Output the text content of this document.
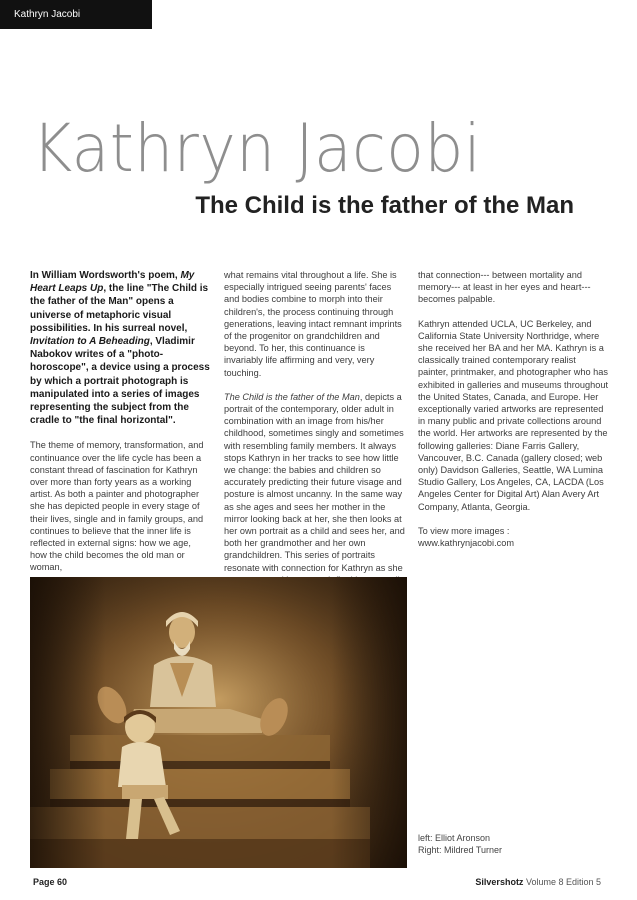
Kathryn Jacobi
Kathryn Jacobi
The Child is the father of the Man

In William Wordsworth's poem, My Heart Leaps Up, the line "The Child is the father of the Man" opens a universe of metaphoric visual possibilities. In his surreal novel, Invitation to A Beheading, Vladimir Nabokov writes of a "photo-horoscope", a device using a process by which a portrait photograph is manipulated into a series of images representing the subject from the cradle to "the final horizontal".

The theme of memory, transformation, and continuance over the life cycle has been a constant thread of fascination for Kathryn over more than forty years as a working artist. As both a painter and photographer she has depicted people in every stage of their lives, single and in family groups, and continues to believe that the inner life is reflected in external signs: how we age, how the child becomes the old man or woman,

what remains vital throughout a life. She is especially intrigued seeing parents' faces and bodies combine to morph into their children's, the process continuing through generations, leaving intact remnant imprints of the progenitor on grandchildren and beyond. To her, this continuance is invariably life affirming and very, very touching.

The Child is the father of the Man, depicts a portrait of the contemporary, older adult in combination with an image from his/her childhood, sometimes singly and sometimes with resembling family members. It always stops Kathryn in her tracks to see how little we change: the babies and children so accurately predicting their future visage and posture is almost uncanny. In the same way as she ages and sees her mother in the mirror looking back at her, she then looks at her own portrait as a child and sees her, and both her grandmother and her own grandchildren. This series of portraits resonate with connection for Kathryn as she

that connection--- between mortality and memory--- at least in her eyes and heart--- becomes palpable.

Kathryn attended UCLA, UC Berkeley, and California State University Northridge, where she received her BA and her MA. Kathryn is a classically trained contemporary realist painter, printmaker, and photographer who has exhibited in galleries and museums throughout the United States, Canada, and Europe. Her exceptionally varied artworks are represented in many public and private collections around the world. Her artworks are represented by the following galleries: Diane Farris Gallery, Vancouver, B.C. Canada (gallery closed; web only) Davidson Galleries, Seattle, WA Lumina Studio Gallery, Los Angeles, CA, LACDA (Los Angeles Center for Digital Art) Alan Avery Art Company, Atlanta, Georgia.

To view more images :
www.kathrynjacobi.com

left: Elliot Aronson
Right: Mildred Turner
Page 60	Silvershotz Volume 8 Edition 5
